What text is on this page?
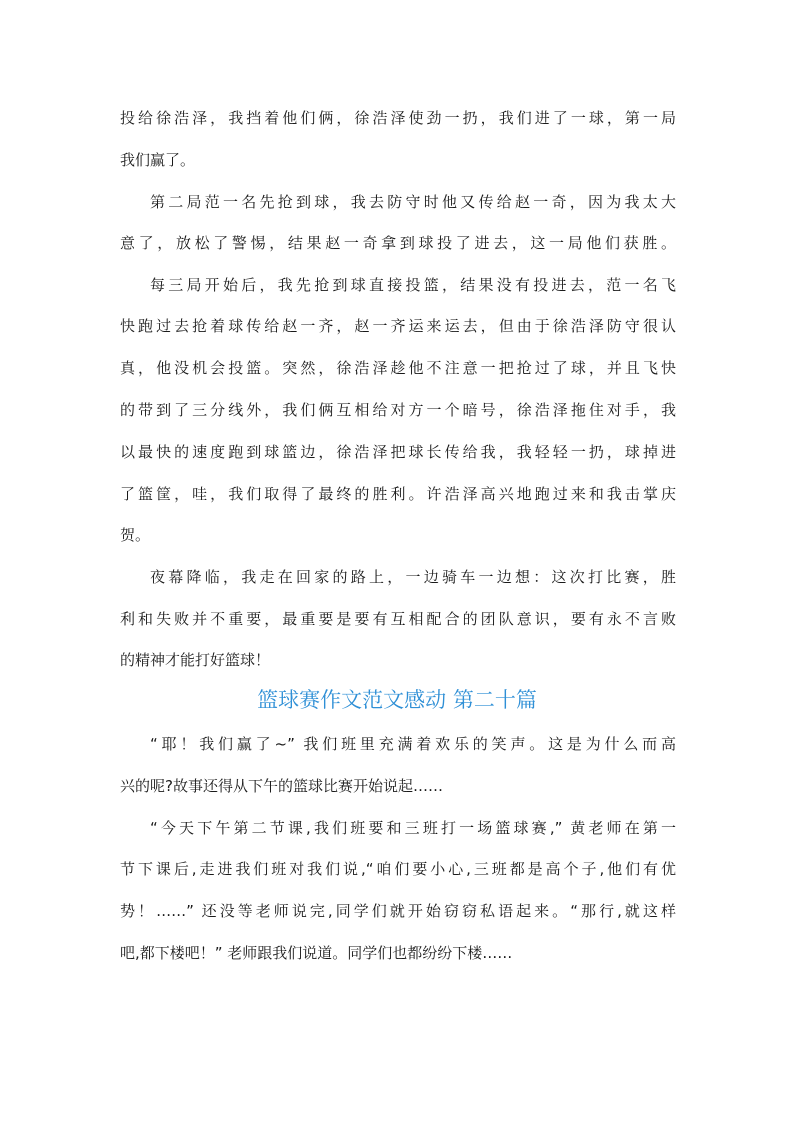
投给徐浩泽，我挡着他们俩，徐浩泽使劲一扔，我们进了一球，第一局
我们赢了。
第二局范一名先抢到球，我去防守时他又传给赵一奇，因为我太大
意了，放松了警惕，结果赵一奇拿到球投了进去，这一局他们获胜。
每三局开始后，我先抢到球直接投篮，结果没有投进去，范一名飞
快跑过去抢着球传给赵一齐，赵一齐运来运去，但由于徐浩泽防守很认
真，他没机会投篮。突然，徐浩泽趁他不注意一把抢过了球，并且飞快
的带到了三分线外，我们俩互相给对方一个暗号，徐浩泽拖住对手，我
以最快的速度跑到球篮边，徐浩泽把球长传给我，我轻轻一扔，球掉进
了篮筐，哇，我们取得了最终的胜利。许浩泽高兴地跑过来和我击掌庆
贺。
夜幕降临，我走在回家的路上，一边骑车一边想：这次打比赛，胜
利和失败并不重要，最重要是要有互相配合的团队意识，要有永不言败
的精神才能打好篮球！
篮球赛作文范文感动 第二十篇
“耶！我们赢了~” 我们班里充满着欢乐的笑声。这是为什么而高
兴的呢?故事还得从下午的篮球比赛开始说起……
“今天下午第二节课,我们班要和三班打一场篮球赛,” 黄老师在第一
节下课后,走进我们班对我们说,“咱们要小心,三班都是高个子,他们有优
势！……” 还没等老师说完,同学们就开始窃窃私语起来。“那行,就这样
吧,都下楼吧！” 老师跟我们说道。同学们也都纷纷下楼……
